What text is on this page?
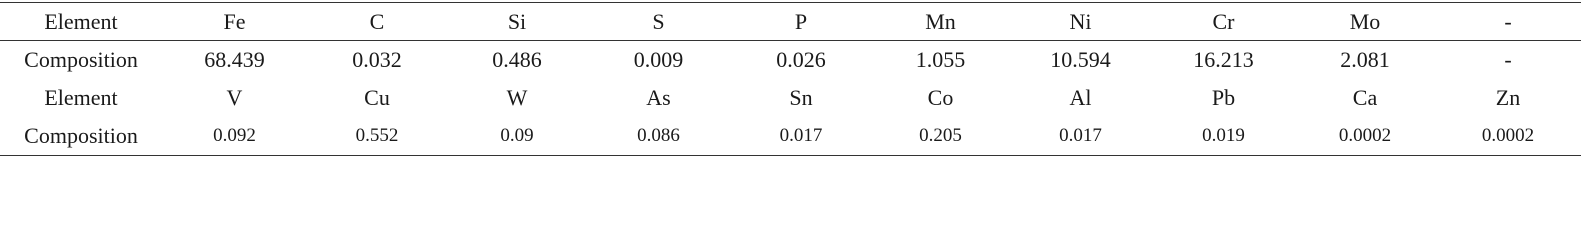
Element	Fe	C	Si	S	P	Mn	Ni	Cr	Mo	-
Composition	68.439	0.032	0.486	0.009	0.026	1.055	10.594	16.213	2.081	-
Element	V	Cu	W	As	Sn	Co	Al	Pb	Ca	Zn
Composition	0.092	0.552	0.09	0.086	0.017	0.205	0.017	0.019	0.0002	0.0002
